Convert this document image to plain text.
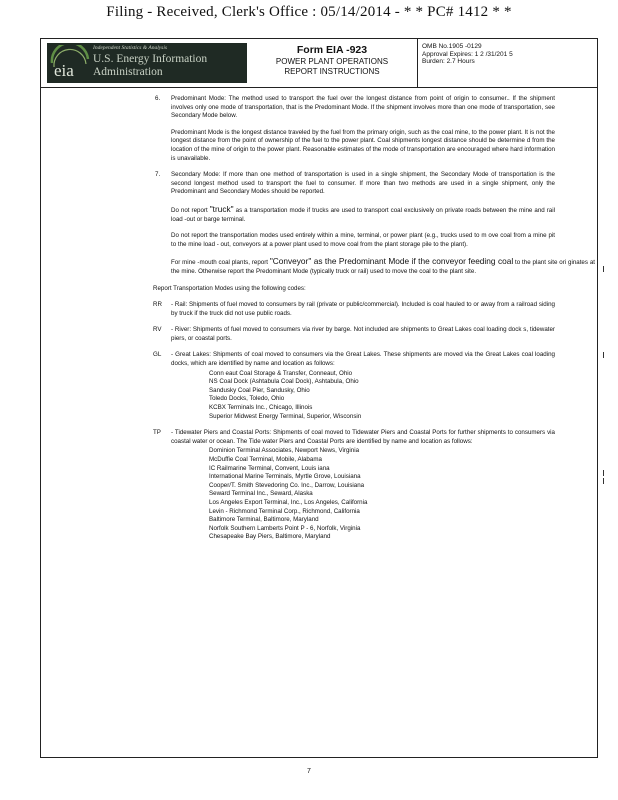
Filing - Received, Clerk's Office : 05/14/2014 - * * PC# 1412 * *
eia
Independent Statistics & Analysis
U.S. Energy Information
Administration
Form EIA -923
POWER PLANT OPERATIONS
REPORT INSTRUCTIONS
OMB No.1905 -0129
Approval Expires: 1 2 /31/201 5
Burden: 2.7 Hours
6. Predominant Mode: The method used to transport the fuel over the longest distance from point of origin to consumer.. If the shipment involves only one mode of transportation, that is the Predominant Mode. If the shipment involves more than one mode of transportation, see Secondary Mode below.
Predominant Mode is the longest distance traveled by the fuel from the primary origin, such as the coal mine, to the power plant. It is not the longest distance from the point of ownership of the fuel to the power plant. Coal shipments longest distance should be determine d from the location of the mine of origin to the power plant. Reasonable estimates of the mode of transportation are encouraged where hard information is unavailable.
7. Secondary Mode: If more than one method of transportation is used in a single shipment, the Secondary Mode of transportation is the second longest method used to transport the fuel to consumer. If more than two methods are used in a single shipment, only the Predominant and Secondary Modes should be reported.
Do not report "truck" as a transportation mode if trucks are used to transport coal exclusively on private roads between the mine and rail load -out or barge terminal.
Do not report the transportation modes used entirely within a mine, terminal, or power plant (e.g., trucks used to m ove coal from a mine pit to the mine load - out, conveyors at a power plant used to move coal from the plant storage pile to the plant).
For mine -mouth coal plants, report "Conveyor" as the Predominant Mode if the conveyor feeding coal to the plant site ori ginates at the mine. Otherwise report the Predominant Mode (typically truck or rail) used to move the coal to the plant site.
Report Transportation Modes using the following codes:
RR - Rail: Shipments of fuel moved to consumers by rail (private or public/commercial). Included is coal hauled to or away from a railroad siding by truck if the truck did not use public roads.
RV - River: Shipments of fuel moved to consumers via river by barge. Not included are shipments to Great Lakes coal loading dock s, tidewater piers, or coastal ports.
GL - Great Lakes: Shipments of coal moved to consumers via the Great Lakes. These shipments are moved via the Great Lakes coal loading docks, which are identified by name and location as follows:
Conn eaut Coal Storage & Transfer, Conneaut, Ohio
NS Coal Dock (Ashtabula Coal Dock), Ashtabula, Ohio
Sandusky Coal Pier, Sandusky, Ohio
Toledo Docks, Toledo, Ohio
KCBX Terminals Inc., Chicago, Illinois
Superior Midwest Energy Terminal, Superior, Wisconsin
TP - Tidewater Piers and Coastal Ports: Shipments of coal moved to Tidewater Piers and Coastal Ports for further shipments to consumers via coastal water or ocean. The Tide water Piers and Coastal Ports are identified by name and location as follows:
Dominion Terminal Associates, Newport News, Virginia
McDuffie Coal Terminal, Mobile, Alabama
IC Railmarine Terminal, Convent, Louis iana
International Marine Terminals, Myrtle Grove, Louisiana
Cooper/T. Smith Stevedoring Co. Inc., Darrow, Louisiana
Seward Terminal Inc., Seward, Alaska
Los Angeles Export Terminal, Inc., Los Angeles, California
Levin - Richmond Terminal Corp., Richmond, California
Baltimore Terminal, Baltimore, Maryland
Norfolk Southern Lamberts Point P - 6, Norfolk, Virginia
Chesapeake Bay Piers, Baltimore, Maryland
7
